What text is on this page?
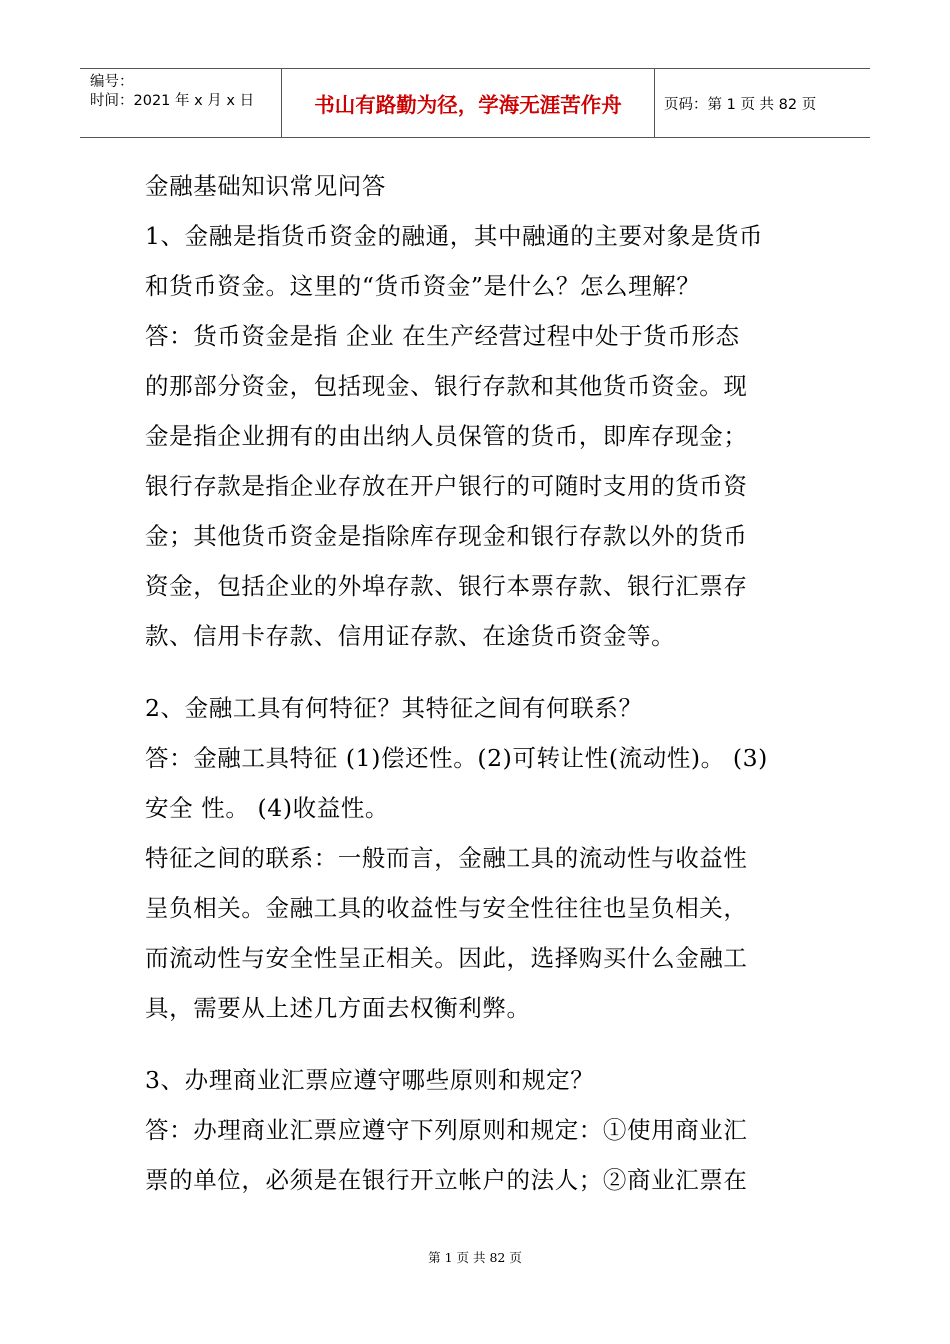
编号：
时间：2021 年 x 月 x 日	书山有路勤为径，学海无涯苦作舟	页码：第 1 页 共 82 页

金融基础知识常见问答

1、金融是指货币资金的融通，其中融通的主要对象是货币

和货币资金。这里的“货币资金”是什么？怎么理解？

答：货币资金是指 企业 在生产经营过程中处于货币形态

的那部分资金，包括现金、银行存款和其他货币资金。现

金是指企业拥有的由出纳人员保管的货币，即库存现金；

银行存款是指企业存放在开户银行的可随时支用的货币资

金；其他货币资金是指除库存现金和银行存款以外的货币

资金，包括企业的外埠存款、银行本票存款、银行汇票存

款、信用卡存款、信用证存款、在途货币资金等。

2、金融工具有何特征？其特征之间有何联系？

答：金融工具特征 (1)偿还性。(2)可转让性(流动性)。 (3)

安全 性。 (4)收益性。

特征之间的联系：一般而言，金融工具的流动性与收益性

呈负相关。金融工具的收益性与安全性往往也呈负相关，

而流动性与安全性呈正相关。因此，选择购买什么金融工

具，需要从上述几方面去权衡利弊。

3、办理商业汇票应遵守哪些原则和规定？

答：办理商业汇票应遵守下列原则和规定：①使用商业汇

票的单位，必须是在银行开立帐户的法人；②商业汇票在

第 1 页 共 82 页
